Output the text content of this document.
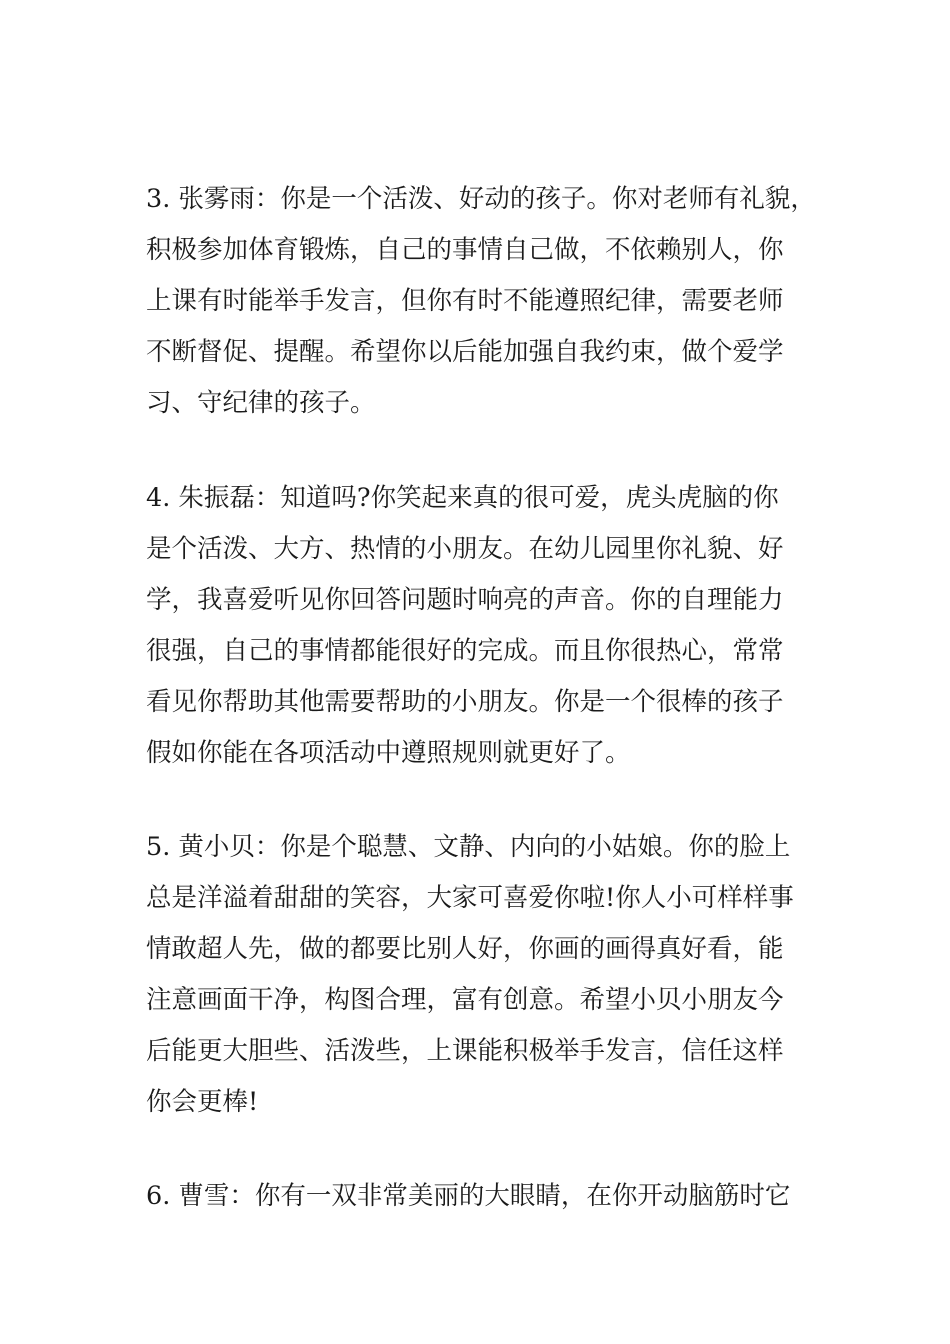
3. 张雾雨：你是一个活泼、好动的孩子。你对老师有礼貌，
积极参加体育锻炼，自己的事情自己做，不依赖别人，你
上课有时能举手发言，但你有时不能遵照纪律，需要老师
不断督促、提醒。希望你以后能加强自我约束，做个爱学
习、守纪律的孩子。
4. 朱振磊：知道吗?你笑起来真的很可爱，虎头虎脑的你
是个活泼、大方、热情的小朋友。在幼儿园里你礼貌、好
学，我喜爱听见你回答问题时响亮的声音。你的自理能力
很强，自己的事情都能很好的完成。而且你很热心，常常
看见你帮助其他需要帮助的小朋友。你是一个很棒的孩子
假如你能在各项活动中遵照规则就更好了。
5. 黄小贝：你是个聪慧、文静、内向的小姑娘。你的脸上
总是洋溢着甜甜的笑容，大家可喜爱你啦!你人小可样样事
情敢超人先，做的都要比别人好，你画的画得真好看，能
注意画面干净，构图合理，富有创意。希望小贝小朋友今
后能更大胆些、活泼些，上课能积极举手发言，信任这样
你会更棒!
6. 曹雪：你有一双非常美丽的大眼睛，在你开动脑筋时它
